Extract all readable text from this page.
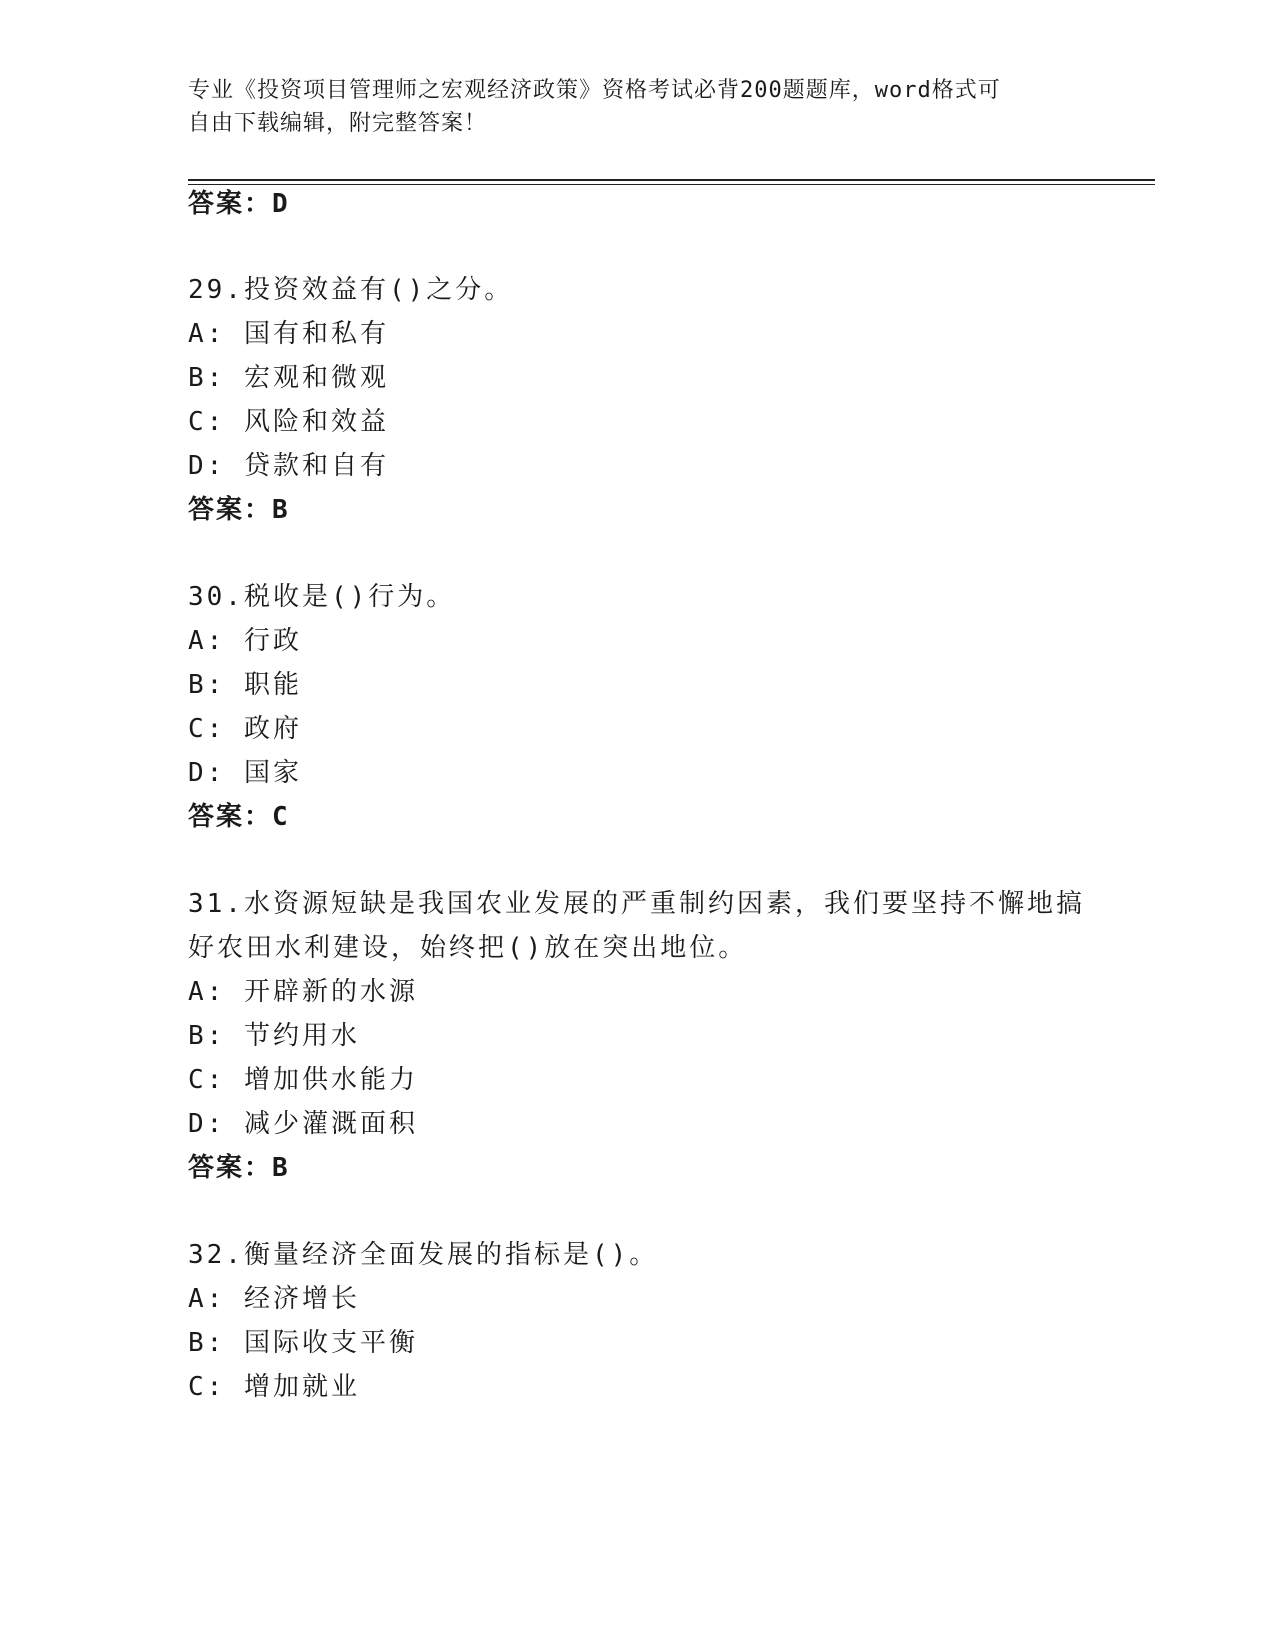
专业《投资项目管理师之宏观经济政策》资格考试必背200题题库，word格式可
自由下载编辑，附完整答案！
答案：D
29.投资效益有()之分。
A: 国有和私有
B: 宏观和微观
C: 风险和效益
D: 贷款和自有
答案：B
30.税收是()行为。
A: 行政
B: 职能
C: 政府
D: 国家
答案：C
31.水资源短缺是我国农业发展的严重制约因素，我们要坚持不懈地搞
好农田水利建设，始终把()放在突出地位。
A: 开辟新的水源
B: 节约用水
C: 增加供水能力
D: 减少灌溉面积
答案：B
32.衡量经济全面发展的指标是()。
A: 经济增长
B: 国际收支平衡
C: 增加就业
